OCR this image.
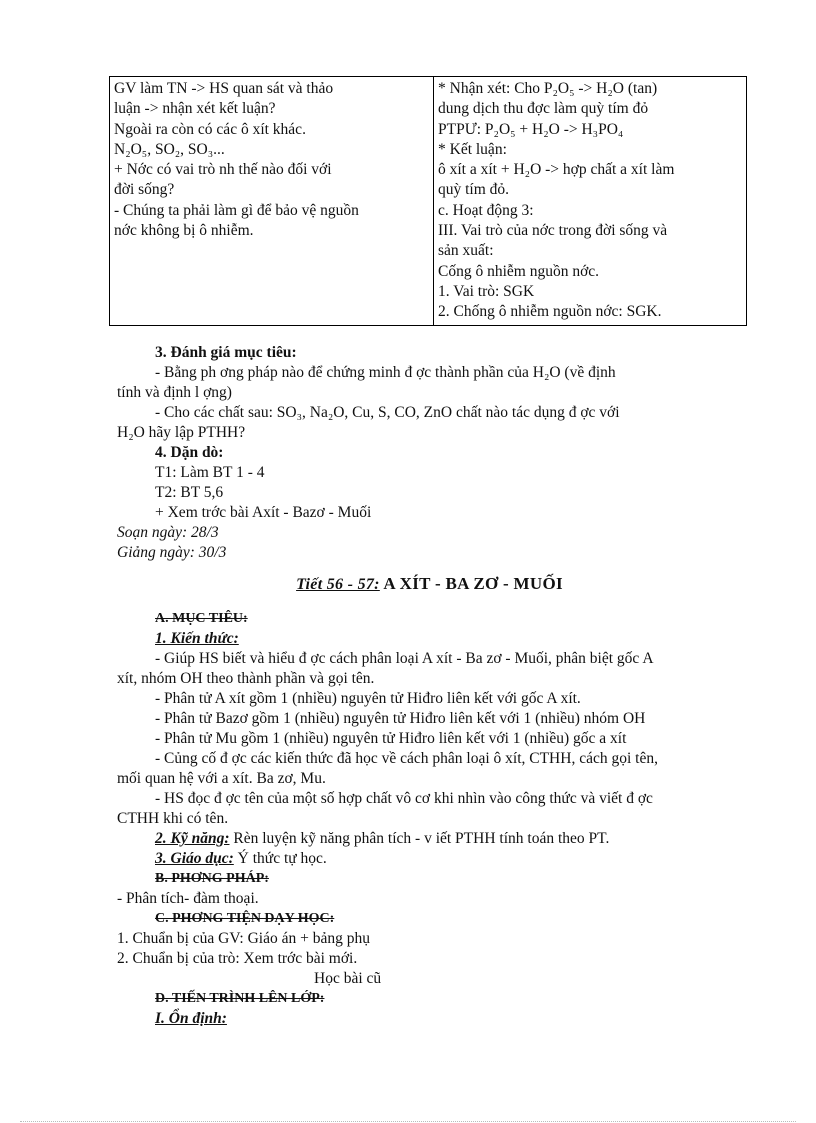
GV làm TN -> HS quan sát và thảo
luận -> nhận xét kết luận?
Ngoài ra còn có các ô xít khác.
N₂O₅, SO₂, SO₃...
+ Nớc có vai trò nh thế nào đối với
đời sống?
- Chúng ta phải làm gì để bảo vệ nguồn
nớc không bị ô nhiễm.

* Nhận xét: Cho P₂O₅ -> H₂O (tan)
dung dịch thu đợc làm quỳ tím đỏ
PTPƯ: P₂O₅ + H₂O -> H₃PO₄
* Kết luận:
ô xít a xít + H₂O -> hợp chất a xít làm
quỳ tím đỏ.
c. Hoạt động 3:
III. Vai trò của nớc trong đời sống và
sản xuất:
Cống ô nhiễm nguồn nớc.
1. Vai trò: SGK
2. Chống ô nhiễm nguồn nớc: SGK.
3. Đánh giá mục tiêu:
- Bằng ph ơng pháp nào để chứng minh đ ợc thành phần của H₂O (về định
tính và định l ợng)
- Cho các chất sau: SO₃, Na₂O, Cu, S, CO, ZnO chất nào tác dụng đ ợc với
H₂O hãy lập PTHH?
4. Dặn dò:
T1: Làm BT 1 - 4
T2: BT 5,6
+ Xem trớc bài Axít - Bazơ - Muối
Soạn ngày: 28/3
Giảng ngày: 30/3
Tiết 56 - 57: A XÍT - BA ZƠ - MUỐI
A. MỤC TIÊU:
1. Kiến thức:
- Giúp HS biết và hiểu đ ợc cách phân loại A xít - Ba zơ - Muối, phân biệt gốc A
xít, nhóm OH theo thành phần và gọi tên.
- Phân tử A xít gồm 1 (nhiều) nguyên tử Hiđro liên kết với gốc A xít.
- Phân tử Bazơ gồm 1 (nhiều) nguyên tử Hiđro liên kết với 1 (nhiều) nhóm OH
- Phân tử Mu gồm 1 (nhiều) nguyên tử Hiđro liên kết với 1 (nhiều) gốc a xít
- Củng cố đ ợc các kiến thức đã học về cách phân loại ô xít, CTHH, cách gọi tên,
mối quan hệ với a xít. Ba zơ, Mu.
- HS đọc đ ợc tên của một số hợp chất vô cơ khi nhìn vào công thức và viết đ ợc
CTHH khi có tên.
2. Kỹ năng: Rèn luyện kỹ năng phân tích - v iết PTHH tính toán theo PT.
3. Giáo dục: Ý thức tự học.
B. PHƠNG PHÁP:
- Phân tích- đàm thoại.
C. PHƠNG TIỆN DẠY HỌC:
1. Chuẩn bị của GV: Giáo án + bảng phụ
2. Chuẩn bị của trò: Xem trớc bài mới.
Học bài cũ
D. TIẾN TRÌNH LÊN LỚP:
I. Ổn định:
